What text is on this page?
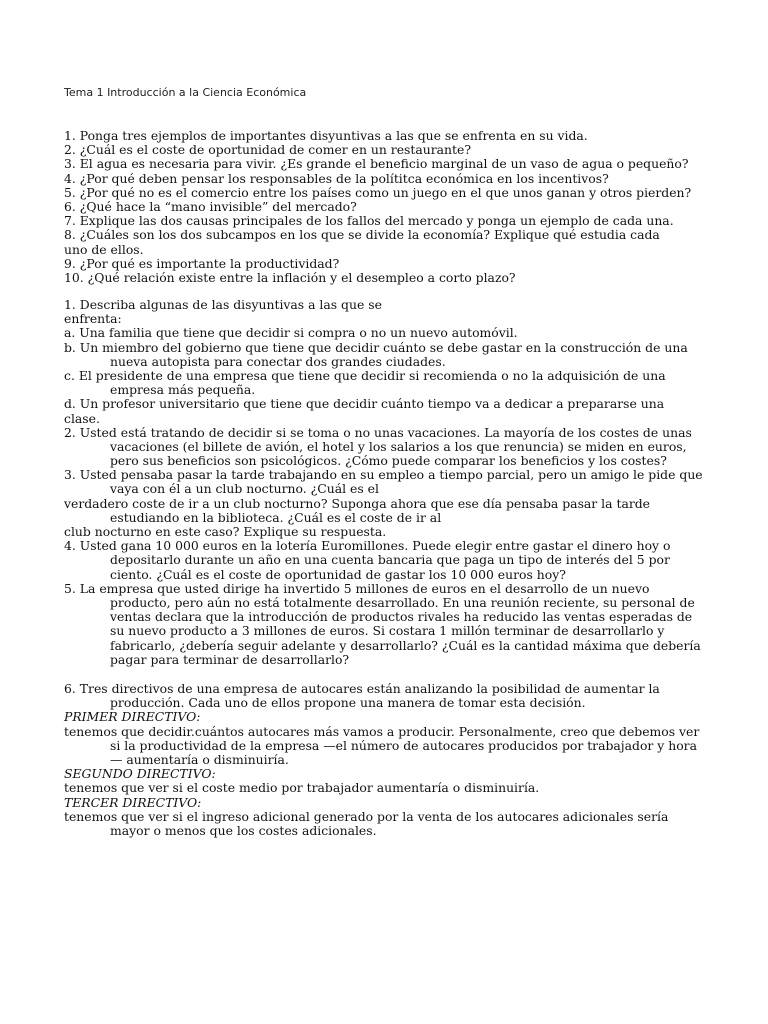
Tema 1 Introducción a la Ciencia Económica
1. Ponga tres ejemplos de importantes disyuntivas a las que se enfrenta en su vida.
2. ¿Cuál es el coste de oportunidad de comer en un restaurante?
3. El agua es necesaria para vivir. ¿Es grande el beneficio marginal de un vaso de agua o pequeño?
4. ¿Por qué deben pensar los responsables de la polítitca económica en los incentivos?
5. ¿Por qué no es el comercio entre los países como un juego en el que unos ganan y otros pierden?
6. ¿Qué hace la “mano invisible” del mercado?
7. Explique las dos causas principales de los fallos del mercado y ponga un ejemplo de cada una.
8. ¿Cuáles son los dos subcampos en los que se divide la economía? Explique qué estudia cada
uno de ellos.
9. ¿Por qué es importante la productividad?
10. ¿Qué relación existe entre la inflación y el desempleo a corto plazo?
1. Describa algunas de las disyuntivas a las que se
enfrenta:
a. Una familia que tiene que decidir si compra o no un nuevo automóvil.
b. Un miembro del gobierno que tiene que decidir cuánto se debe gastar en la construcción de una
nueva autopista para conectar dos grandes ciudades.
c. El presidente de una empresa que tiene que decidir si recomienda o no la adquisición de una
empresa más pequeña.
d. Un profesor universitario que tiene que decidir cuánto tiempo va a dedicar a prepararse una
clase.
2. Usted está tratando de decidir si se toma o no unas vacaciones. La mayoría de los costes de unas
vacaciones (el billete de avión, el hotel y los salarios a los que renuncia) se miden en euros,
pero sus beneficios son psicológicos. ¿Cómo puede comparar los beneficios y los costes?
3. Usted pensaba pasar la tarde trabajando en su empleo a tiempo parcial, pero un amigo le pide que
vaya con él a un club nocturno. ¿Cuál es el
verdadero coste de ir a un club nocturno? Suponga ahora que ese día pensaba pasar la tarde
estudiando en la biblioteca. ¿Cuál es el coste de ir al
club nocturno en este caso? Explique su respuesta.
4. Usted gana 10 000 euros en la lotería Euromillones. Puede elegir entre gastar el dinero hoy o
depositarlo durante un año en una cuenta bancaria que paga un tipo de interés del 5 por
ciento. ¿Cuál es el coste de oportunidad de gastar los 10 000 euros hoy?
5. La empresa que usted dirige ha invertido 5 millones de euros en el desarrollo de un nuevo
producto, pero aún no está totalmente desarrollado. En una reunión reciente, su personal de
ventas declara que la introducción de productos rivales ha reducido las ventas esperadas de
su nuevo producto a 3 millones de euros. Si costara 1 millón terminar de desarrollarlo y
fabricarlo, ¿debería seguir adelante y desarrollarlo? ¿Cuál es la cantidad máxima que debería
pagar para terminar de desarrollarlo?
6. Tres directivos de una empresa de autocares están analizando la posibilidad de aumentar la
producción. Cada uno de ellos propone una manera de tomar esta decisión.
PRIMER DIRECTIVO:
tenemos que decidir.cuántos autocares más vamos a producir. Personalmente, creo que debemos ver
si la productividad de la empresa —el número de autocares producidos por trabajador y hora
— aumentaría o disminuiría.
SEGUNDO DIRECTIVO:
tenemos que ver si el coste medio por trabajador aumentaría o disminuiría.
TERCER DIRECTIVO:
tenemos que ver si el ingreso adicional generado por la venta de los autocares adicionales sería
mayor o menos que los costes adicionales.
